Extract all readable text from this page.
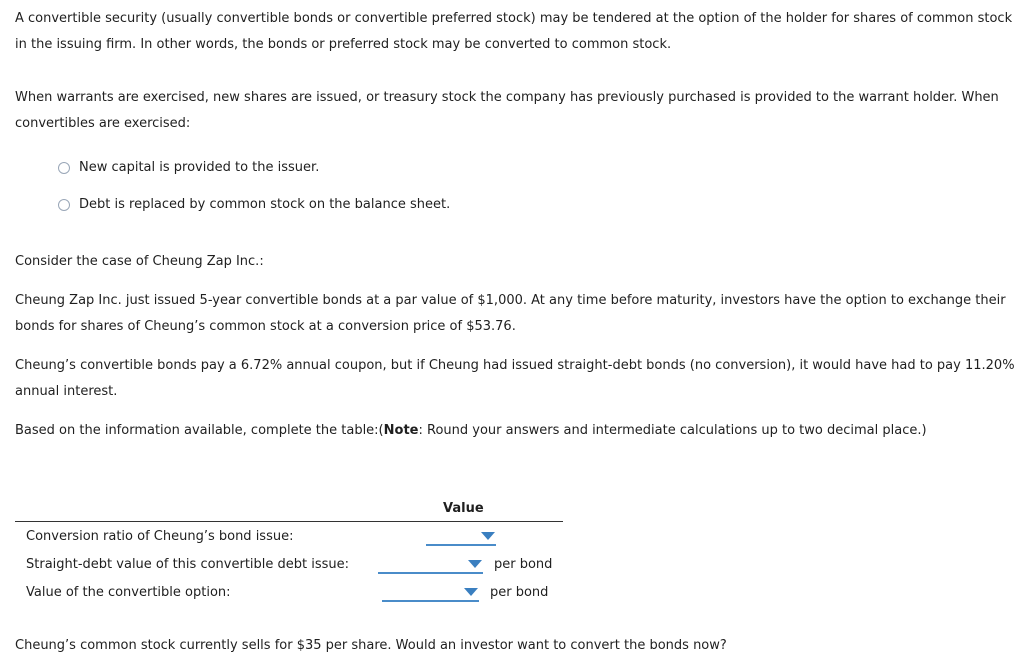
A convertible security (usually convertible bonds or convertible preferred stock) may be tendered at the option of the holder for shares of common stock in the issuing firm. In other words, the bonds or preferred stock may be converted to common stock.

When warrants are exercised, new shares are issued, or treasury stock the company has previously purchased is provided to the warrant holder. When convertibles are exercised:

New capital is provided to the issuer.
Debt is replaced by common stock on the balance sheet.

Consider the case of Cheung Zap Inc.:

Cheung Zap Inc. just issued 5-year convertible bonds at a par value of $1,000. At any time before maturity, investors have the option to exchange their bonds for shares of Cheung’s common stock at a conversion price of $53.76.

Cheung’s convertible bonds pay a 6.72% annual coupon, but if Cheung had issued straight-debt bonds (no conversion), it would have had to pay 11.20% annual interest.

Based on the information available, complete the table:(Note: Round your answers and intermediate calculations up to two decimal place.)

Value
Conversion ratio of Cheung’s bond issue:
Straight-debt value of this convertible debt issue:	per bond
Value of the convertible option:	per bond

Cheung’s common stock currently sells for $35 per share. Would an investor want to convert the bonds now?
